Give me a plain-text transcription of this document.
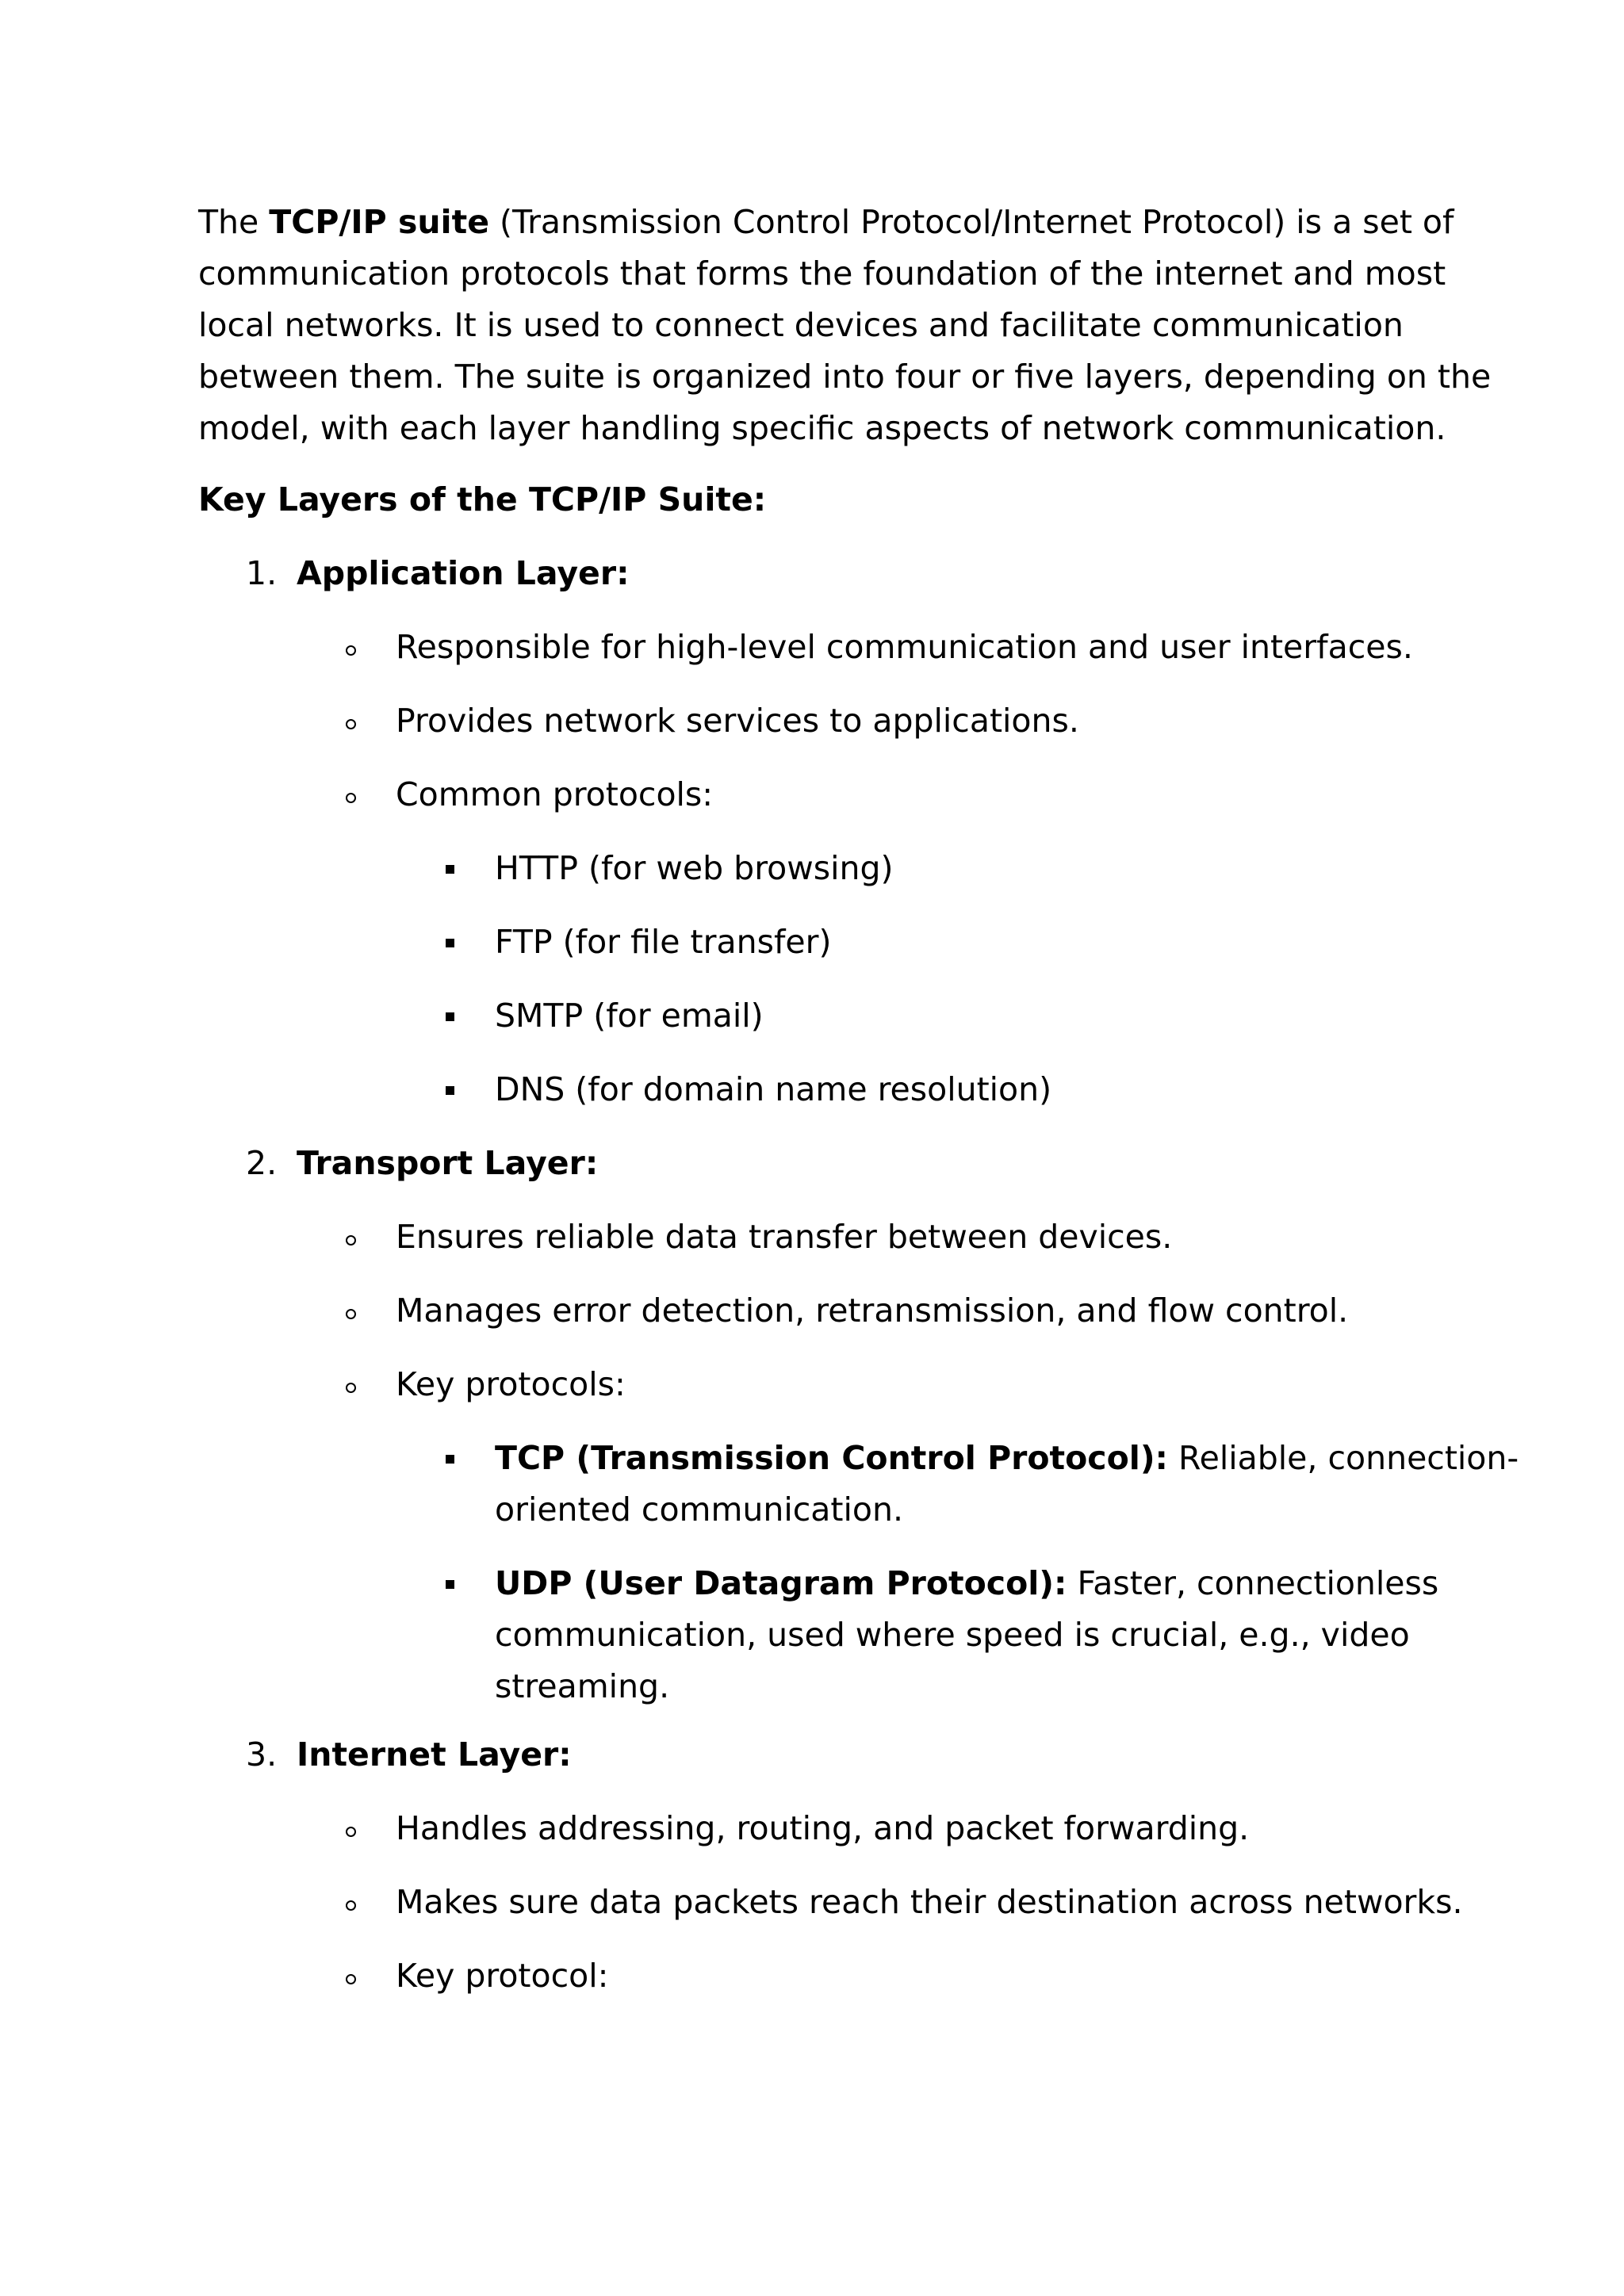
The TCP/IP suite (Transmission Control Protocol/Internet Protocol) is a set of
communication protocols that forms the foundation of the internet and most
local networks. It is used to connect devices and facilitate communication
between them. The suite is organized into four or five layers, depending on the
model, with each layer handling specific aspects of network communication.
Key Layers of the TCP/IP Suite:
1. Application Layer:
Responsible for high-level communication and user interfaces.
Provides network services to applications.
Common protocols:
HTTP (for web browsing)
FTP (for file transfer)
SMTP (for email)
DNS (for domain name resolution)
2. Transport Layer:
Ensures reliable data transfer between devices.
Manages error detection, retransmission, and flow control.
Key protocols:
TCP (Transmission Control Protocol): Reliable, connection-
oriented communication.
UDP (User Datagram Protocol): Faster, connectionless
communication, used where speed is crucial, e.g., video
streaming.
3. Internet Layer:
Handles addressing, routing, and packet forwarding.
Makes sure data packets reach their destination across networks.
Key protocol:
